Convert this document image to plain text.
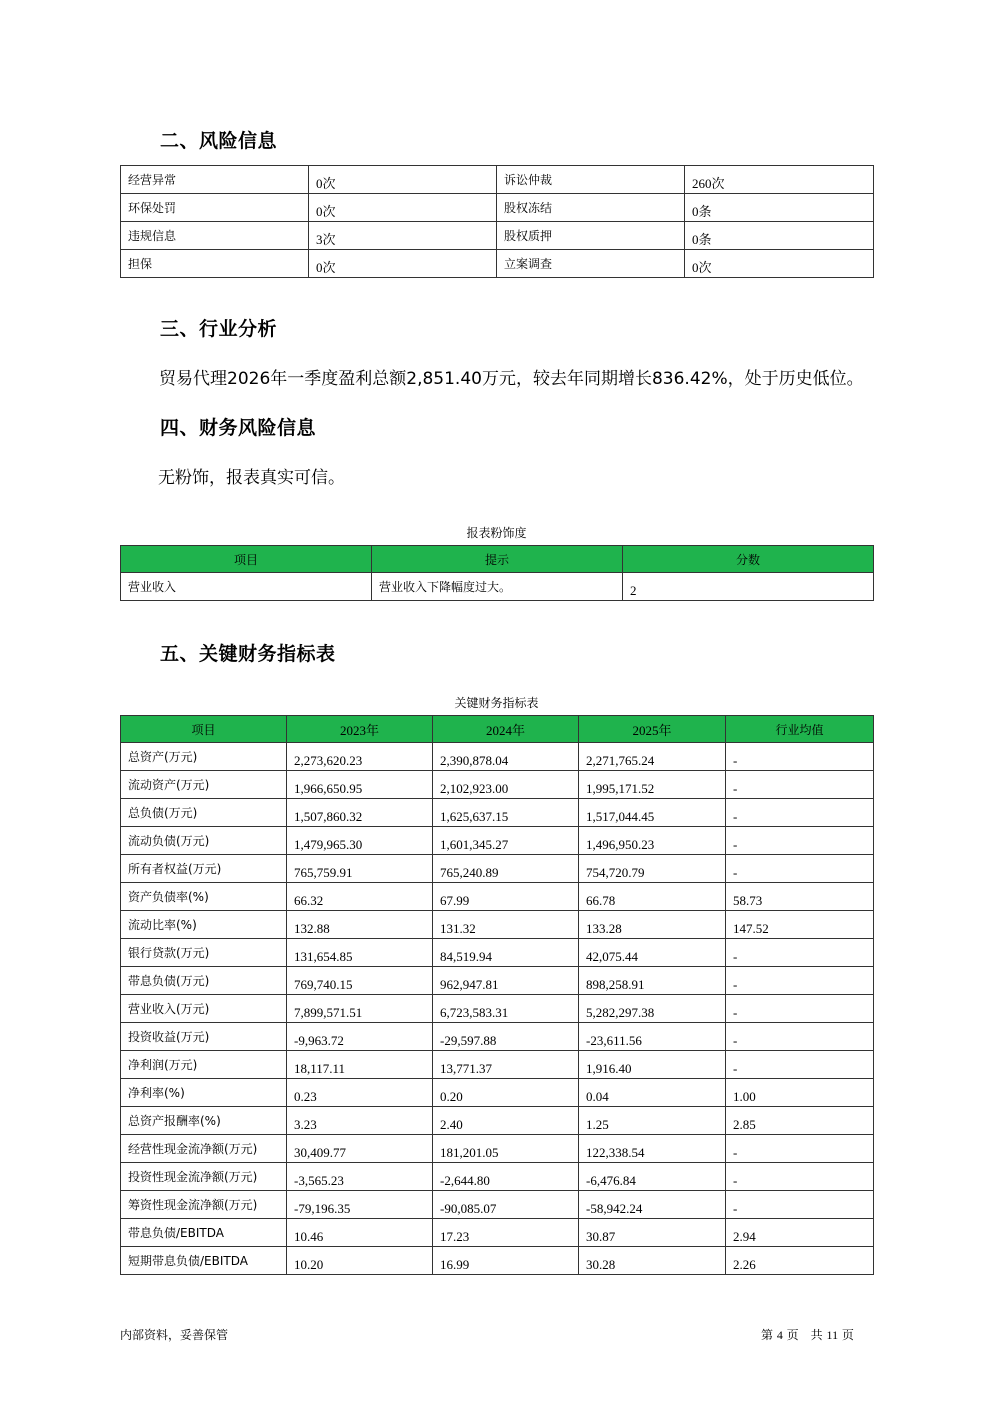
二、风险信息
经营异常	0次	诉讼仲裁	260次
环保处罚	0次	股权冻结	0条
违规信息	3次	股权质押	0条
担保	0次	立案调查	0次
三、行业分析

贸易代理2026年一季度盈利总额2,851.40万元，较去年同期增长836.42%，处于历史低位。

四、财务风险信息

无粉饰，报表真实可信。

报表粉饰度
项目	提示	分数
营业收入	营业收入下降幅度过大。	2
五、关键财务指标表
关键财务指标表
项目	2023年	2024年	2025年	行业均值
总资产(万元)	2,273,620.23	2,390,878.04	2,271,765.24	-
流动资产(万元)	1,966,650.95	2,102,923.00	1,995,171.52	-
总负债(万元)	1,507,860.32	1,625,637.15	1,517,044.45	-
流动负债(万元)	1,479,965.30	1,601,345.27	1,496,950.23	-
所有者权益(万元)	765,759.91	765,240.89	754,720.79	-
资产负债率(%)	66.32	67.99	66.78	58.73
流动比率(%)	132.88	131.32	133.28	147.52
银行贷款(万元)	131,654.85	84,519.94	42,075.44	-
带息负债(万元)	769,740.15	962,947.81	898,258.91	-
营业收入(万元)	7,899,571.51	6,723,583.31	5,282,297.38	-
投资收益(万元)	-9,963.72	-29,597.88	-23,611.56	-
净利润(万元)	18,117.11	13,771.37	1,916.40	-
净利率(%)	0.23	0.20	0.04	1.00
总资产报酬率(%)	3.23	2.40	1.25	2.85
经营性现金流净额(万元)	30,409.77	181,201.05	122,338.54	-
投资性现金流净额(万元)	-3,565.23	-2,644.80	-6,476.84	-
筹资性现金流净额(万元)	-79,196.35	-90,085.07	-58,942.24	-
带息负债/EBITDA	10.46	17.23	30.87	2.94
短期带息负债/EBITDA	10.20	16.99	30.28	2.26
内部资料，妥善保管	第 4 页　共 11 页
